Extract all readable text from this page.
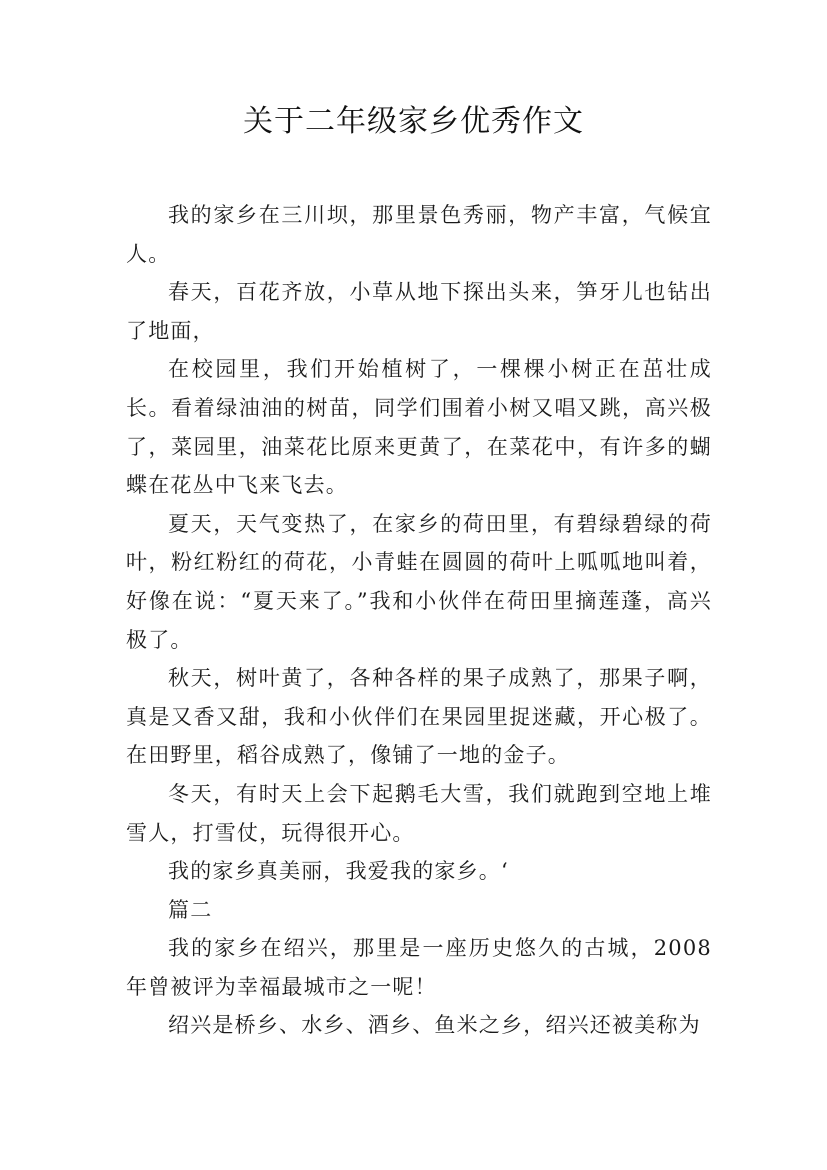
关于二年级家乡优秀作文

我的家乡在三川坝，那里景色秀丽，物产丰富，气候宜人。

春天，百花齐放，小草从地下探出头来，笋牙儿也钻出了地面，

在校园里，我们开始植树了，一棵棵小树正在茁壮成长。看着绿油油的树苗，同学们围着小树又唱又跳，高兴极了，菜园里，油菜花比原来更黄了，在菜花中，有许多的蝴蝶在花丛中飞来飞去。

夏天，天气变热了，在家乡的荷田里，有碧绿碧绿的荷叶，粉红粉红的荷花，小青蛙在圆圆的荷叶上呱呱地叫着，好像在说：“夏天来了。”我和小伙伴在荷田里摘莲蓬，高兴极了。

秋天，树叶黄了，各种各样的果子成熟了，那果子啊，真是又香又甜，我和小伙伴们在果园里捉迷藏，开心极了。在田野里，稻谷成熟了，像铺了一地的金子。

冬天，有时天上会下起鹅毛大雪，我们就跑到空地上堆雪人，打雪仗，玩得很开心。

我的家乡真美丽，我爱我的家乡。‘

篇二

我的家乡在绍兴，那里是一座历史悠久的古城，2008年曾被评为幸福最城市之一呢！

绍兴是桥乡、水乡、酒乡、鱼米之乡，绍兴还被美称为
